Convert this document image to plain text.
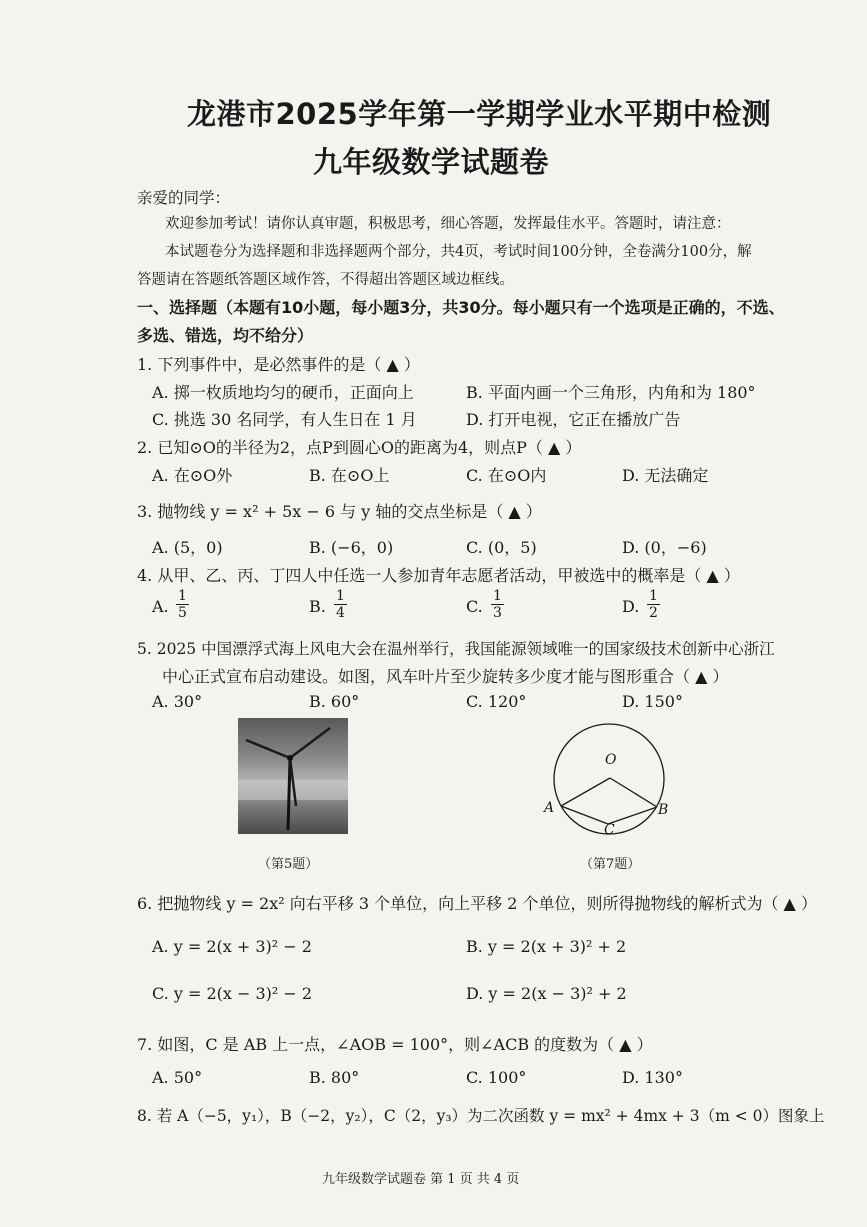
龙港市2025学年第一学期学业水平期中检测
九年级数学试题卷
亲爱的同学：
欢迎参加考试！请你认真审题，积极思考，细心答题，发挥最佳水平。答题时，请注意：
本试题卷分为选择题和非选择题两个部分，共4页，考试时间100分钟，全卷满分100分，解
答题请在答题纸答题区域作答，不得超出答题区域边框线。
一、选择题（本题有10小题，每小题3分，共30分。每小题只有一个选项是正确的，不选、
多选、错选，均不给分）
1. 下列事件中，是必然事件的是（ ▲ ）
A. 掷一枚质地均匀的硬币，正面向上	B. 平面内画一个三角形，内角和为 180°
C. 挑选 30 名同学，有人生日在 1 月	D. 打开电视，它正在播放广告
2. 已知⊙O的半径为2，点P到圆心O的距离为4，则点P（ ▲ ）
A. 在⊙O外	B. 在⊙O上	C. 在⊙O内	D. 无法确定
3. 抛物线 y = x² + 5x − 6 与 y 轴的交点坐标是（ ▲ ）
A. (5，0)	B. (−6，0)	C. (0，5)	D. (0，−6)
4. 从甲、乙、丙、丁四人中任选一人参加青年志愿者活动，甲被选中的概率是（ ▲ ）
A. $\frac{1}{5}$	B. $\frac{1}{4}$	C. $\frac{1}{3}$	D. $\frac{1}{2}$
5. 2025 中国漂浮式海上风电大会在温州举行，我国能源领域唯一的国家级技术创新中心浙江
中心正式宣布启动建设。如图，风车叶片至少旋转多少度才能与图形重合（ ▲ ）
A. 30°	B. 60°	C. 120°	D. 150°
（第5题）
O
A	B
C
（第7题）
6. 把抛物线 y = 2x² 向右平移 3 个单位，向上平移 2 个单位，则所得抛物线的解析式为（ ▲ ）
A. y = 2(x + 3)² − 2	B. y = 2(x + 3)² + 2
C. y = 2(x − 3)² − 2	D. y = 2(x − 3)² + 2
7. 如图，C 是 AB 上一点，∠AOB = 100°，则∠ACB 的度数为（ ▲ ）
A. 50°	B. 80°	C. 100°	D. 130°
8. 若 A（−5，y₁），B（−2，y₂），C（2，y₃）为二次函数 y = mx² + 4mx + 3（m < 0）图象上
九年级数学试题卷 第 1 页 共 4 页
